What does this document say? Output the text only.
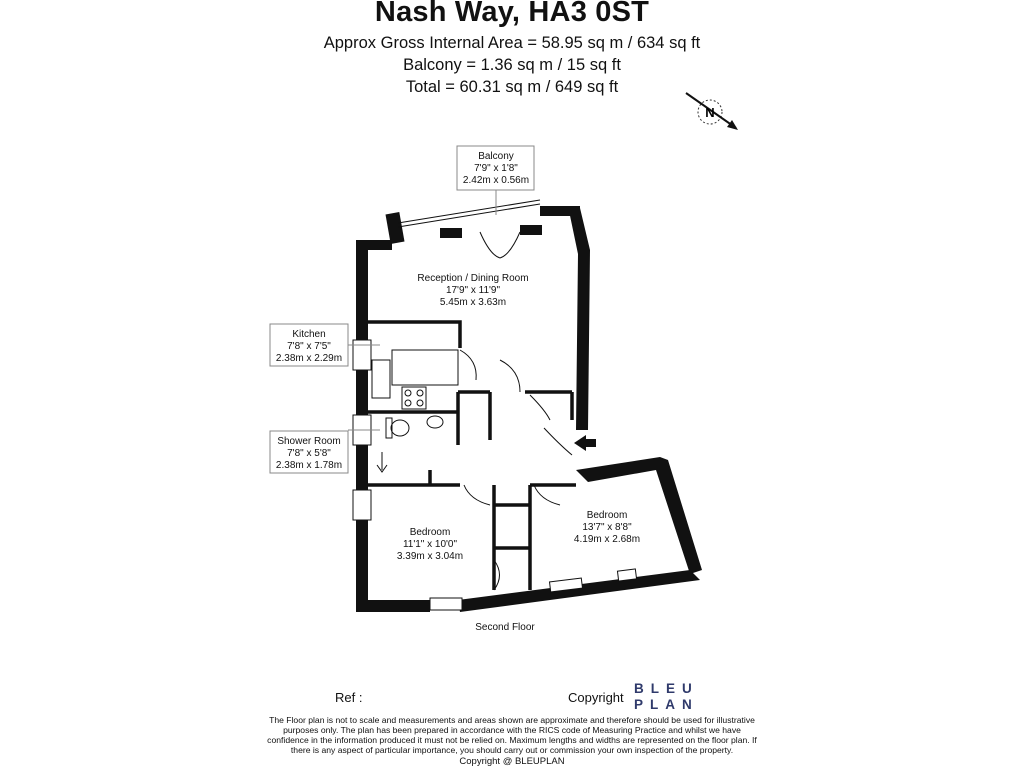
Nash Way, HA3 0ST
Approx Gross Internal Area = 58.95 sq m / 634 sq ft
Balcony = 1.36 sq m / 15 sq ft
Total = 60.31 sq m / 649 sq ft
N
Balcony
7'9" x 1'8"
2.42m x 0.56m
Reception / Dining Room
17'9" x 11'9"
5.45m x 3.63m
Kitchen
7'8" x 7'5"
2.38m x 2.29m
Shower Room
7'8" x 5'8"
2.38m x 1.78m
Bedroom
11'1" x 10'0"
3.39m x 3.04m
Bedroom
13'7" x 8'8"
4.19m x 2.68m
Second Floor
Ref :	Copyright
BLEU
PLAN
The Floor plan is not to scale and measurements and areas shown are approximate and therefore should be used for illustrative purposes only. The plan has been prepared in accordance with the RICS code of Measuring Practice and whilst we have confidence in the information produced it must not be relied on. Maximum lengths and widths are represented on the floor plan. If there is any aspect of particular importance, you should carry out or commission your own inspection of the property.
Copyright @ BLEUPLAN
